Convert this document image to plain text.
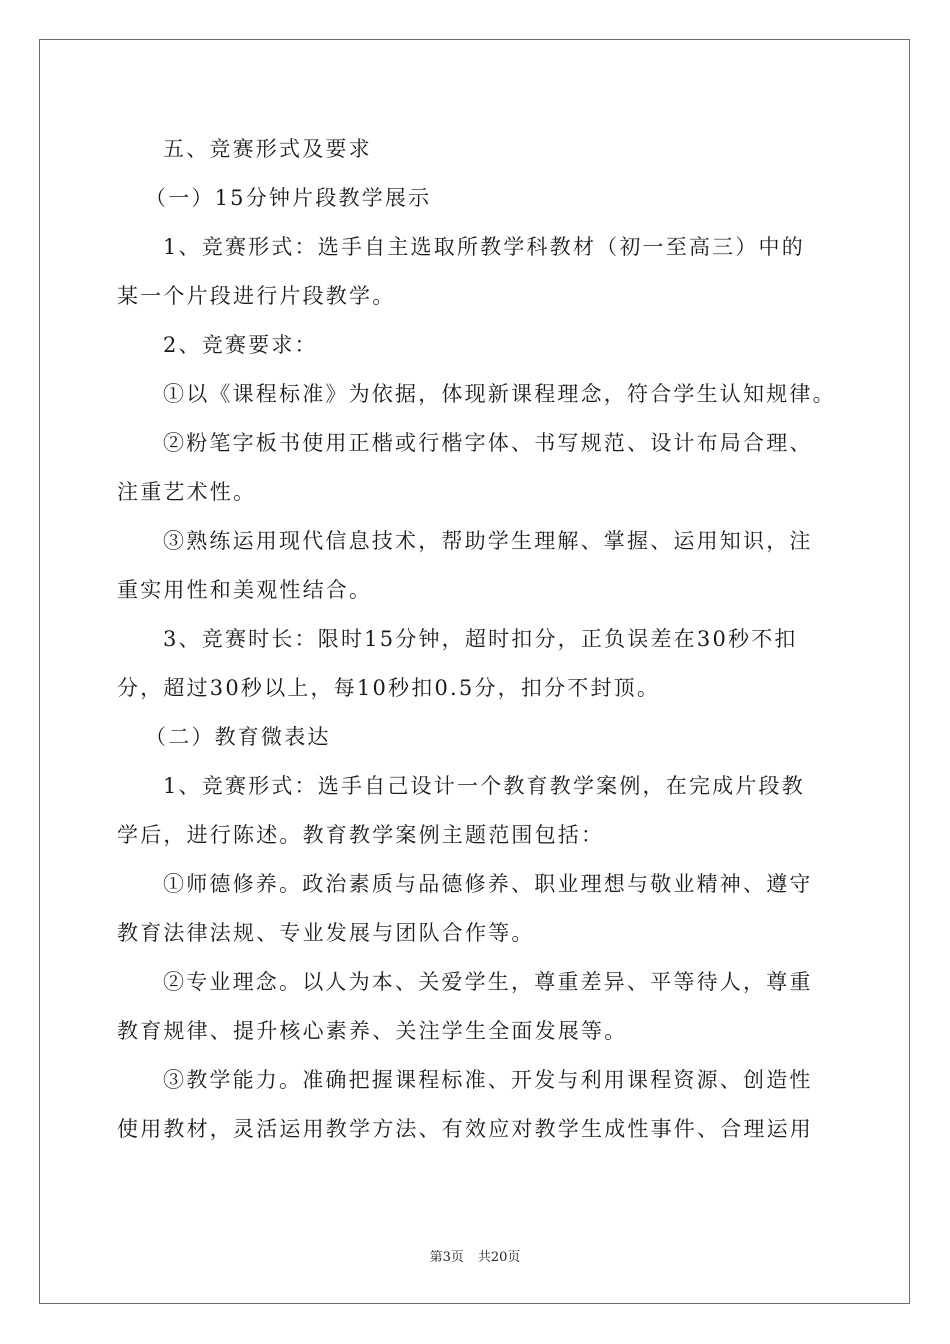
五、竞赛形式及要求
（一）15分钟片段教学展示
1、竞赛形式：选手自主选取所教学科教材（初一至高三）中的
某一个片段进行片段教学。
2、竞赛要求：
①以《课程标准》为依据，体现新课程理念，符合学生认知规律。
②粉笔字板书使用正楷或行楷字体、书写规范、设计布局合理、
注重艺术性。
③熟练运用现代信息技术，帮助学生理解、掌握、运用知识，注
重实用性和美观性结合。
3、竞赛时长：限时15分钟，超时扣分，正负误差在30秒不扣
分，超过30秒以上，每10秒扣0.5分，扣分不封顶。
（二）教育微表达
1、竞赛形式：选手自己设计一个教育教学案例，在完成片段教
学后，进行陈述。教育教学案例主题范围包括：
①师德修养。政治素质与品德修养、职业理想与敬业精神、遵守
教育法律法规、专业发展与团队合作等。
②专业理念。以人为本、关爱学生，尊重差异、平等待人，尊重
教育规律、提升核心素养、关注学生全面发展等。
③教学能力。准确把握课程标准、开发与利用课程资源、创造性
使用教材，灵活运用教学方法、有效应对教学生成性事件、合理运用
第3页 共20页
